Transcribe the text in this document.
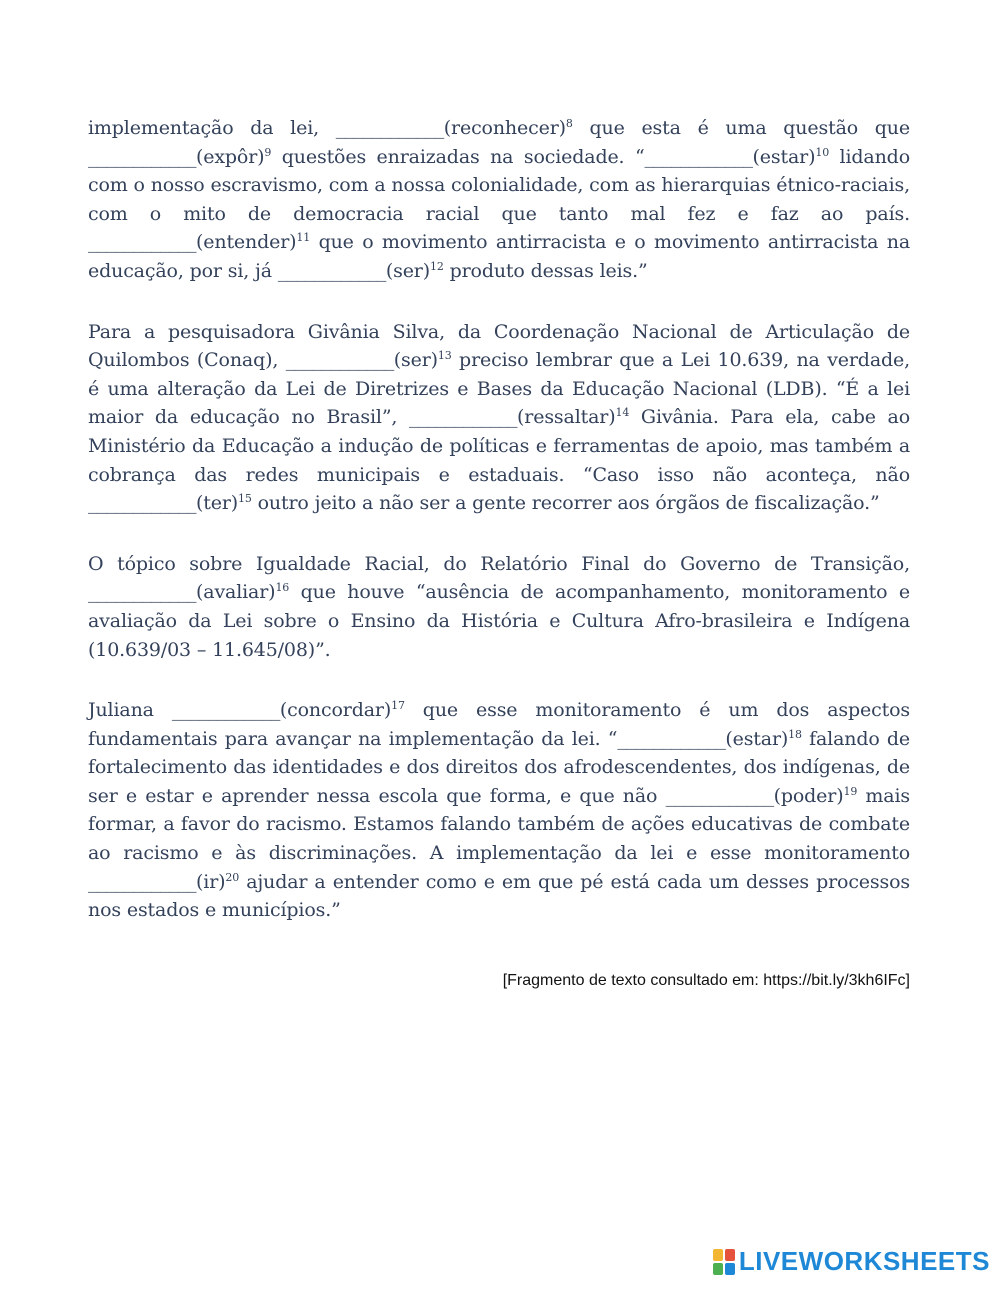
implementação da lei, ____________(reconhecer)$^8$ que esta é uma questão que ____________(expôr)$^9$ questões enraizadas na sociedade. “____________(estar)$^{10}$ lidando com o nosso escravismo, com a nossa colonialidade, com as hierarquias étnico-raciais, com o mito de democracia racial que tanto mal fez e faz ao país. ____________(entender)$^{11}$ que o movimento antirracista e o movimento antirracista na educação, por si, já ____________(ser)$^{12}$ produto dessas leis.”

Para a pesquisadora Givânia Silva, da Coordenação Nacional de Articulação de Quilombos (Conaq), ____________(ser)$^{13}$ preciso lembrar que a Lei 10.639, na verdade, é uma alteração da Lei de Diretrizes e Bases da Educação Nacional (LDB). “É a lei maior da educação no Brasil”, ____________(ressaltar)$^{14}$ Givânia. Para ela, cabe ao Ministério da Educação a indução de políticas e ferramentas de apoio, mas também a cobrança das redes municipais e estaduais. “Caso isso não aconteça, não ____________(ter)$^{15}$ outro jeito a não ser a gente recorrer aos órgãos de fiscalização.”

O tópico sobre Igualdade Racial, do Relatório Final do Governo de Transição, ____________(avaliar)$^{16}$ que houve “ausência de acompanhamento, monitoramento e avaliação da Lei sobre o Ensino da História e Cultura Afro-brasileira e Indígena (10.639/03 – 11.645/08)”.

Juliana ____________(concordar)$^{17}$ que esse monitoramento é um dos aspectos fundamentais para avançar na implementação da lei. “____________(estar)$^{18}$ falando de fortalecimento das identidades e dos direitos dos afrodescendentes, dos indígenas, de ser e estar e aprender nessa escola que forma, e que não ____________(poder)$^{19}$ mais formar, a favor do racismo. Estamos falando também de ações educativas de combate ao racismo e às discriminações. A implementação da lei e esse monitoramento ____________(ir)$^{20}$ ajudar a entender como e em que pé está cada um desses processos nos estados e municípios.”

[Fragmento de texto consultado em: https://bit.ly/3kh6IFc]
LIVEWORKSHEETS
